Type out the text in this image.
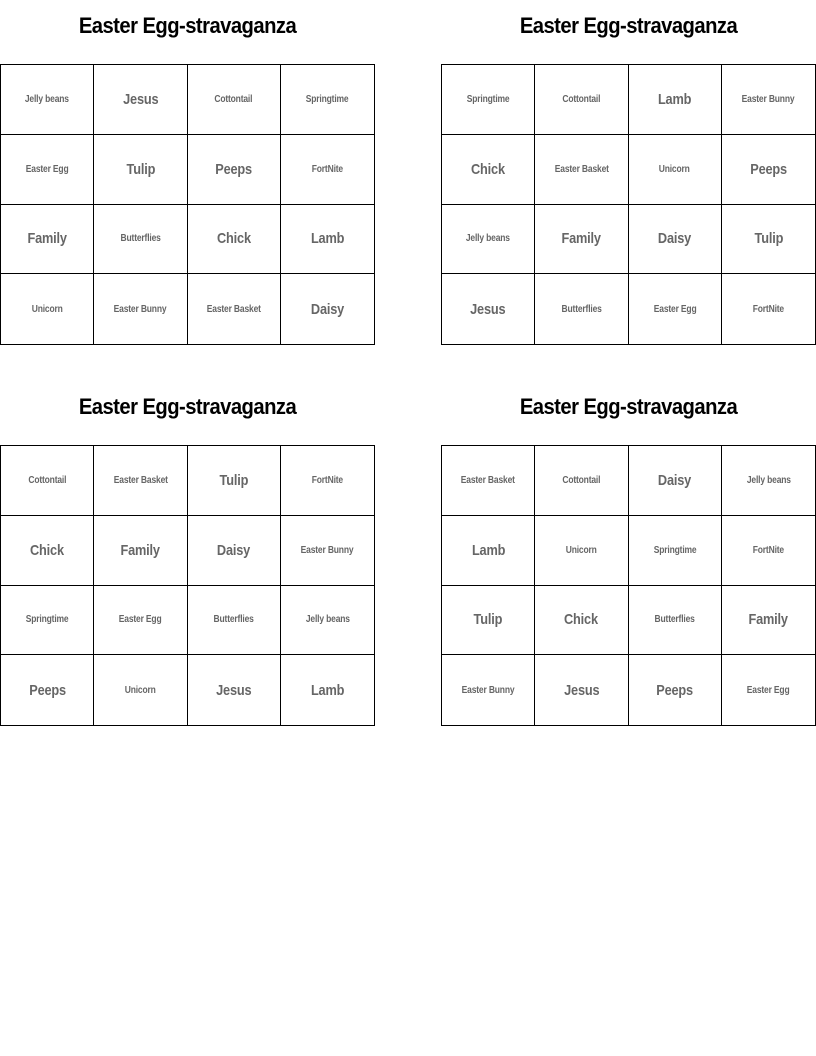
Easter Egg-stravaganza
Jelly beans	Jesus	Cottontail	Springtime
Easter Egg	Tulip	Peeps	FortNite
Family	Butterflies	Chick	Lamb
Unicorn	Easter Bunny	Easter Basket	Daisy
Easter Egg-stravaganza
Springtime	Cottontail	Lamb	Easter Bunny
Chick	Easter Basket	Unicorn	Peeps
Jelly beans	Family	Daisy	Tulip
Jesus	Butterflies	Easter Egg	FortNite
Easter Egg-stravaganza
Cottontail	Easter Basket	Tulip	FortNite
Chick	Family	Daisy	Easter Bunny
Springtime	Easter Egg	Butterflies	Jelly beans
Peeps	Unicorn	Jesus	Lamb
Easter Egg-stravaganza
Easter Basket	Cottontail	Daisy	Jelly beans
Lamb	Unicorn	Springtime	FortNite
Tulip	Chick	Butterflies	Family
Easter Bunny	Jesus	Peeps	Easter Egg
